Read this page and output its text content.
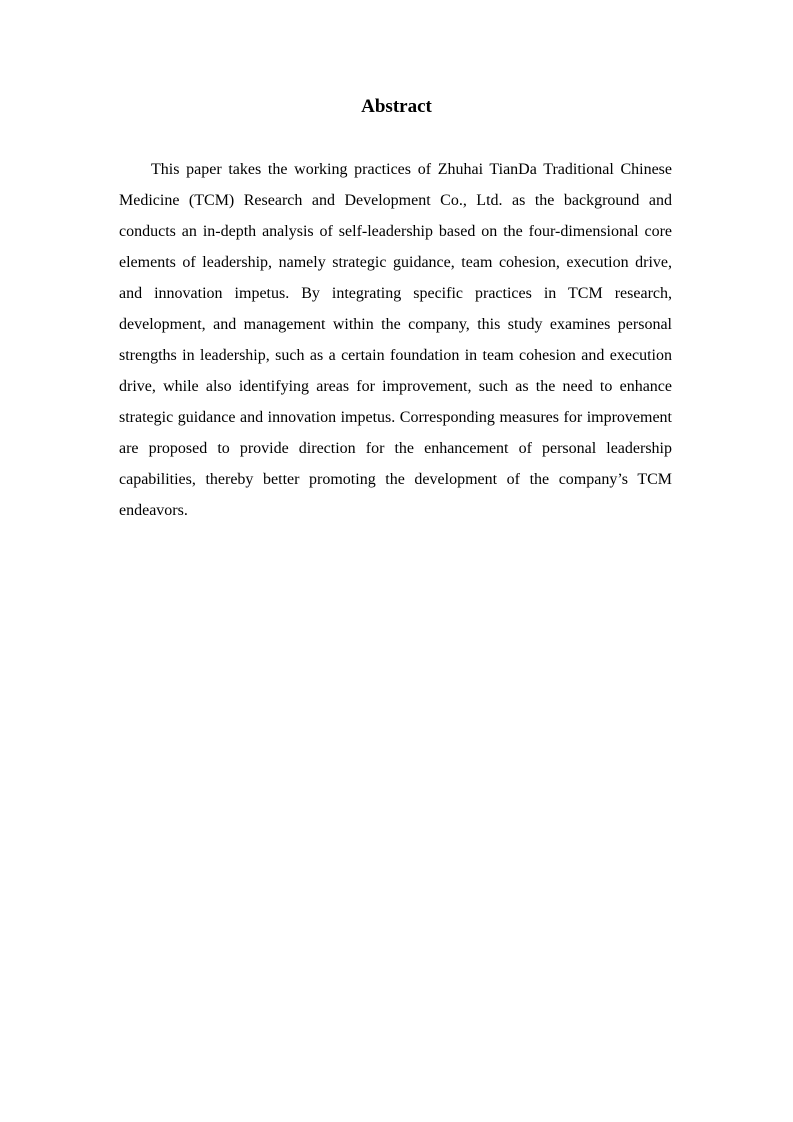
Abstract

This paper takes the working practices of Zhuhai TianDa Traditional Chinese Medicine (TCM) Research and Development Co., Ltd. as the background and conducts an in-depth analysis of self-leadership based on the four-dimensional core elements of leadership, namely strategic guidance, team cohesion, execution drive, and innovation impetus. By integrating specific practices in TCM research, development, and management within the company, this study examines personal strengths in leadership, such as a certain foundation in team cohesion and execution drive, while also identifying areas for improvement, such as the need to enhance strategic guidance and innovation impetus. Corresponding measures for improvement are proposed to provide direction for the enhancement of personal leadership capabilities, thereby better promoting the development of the company’s TCM endeavors.
